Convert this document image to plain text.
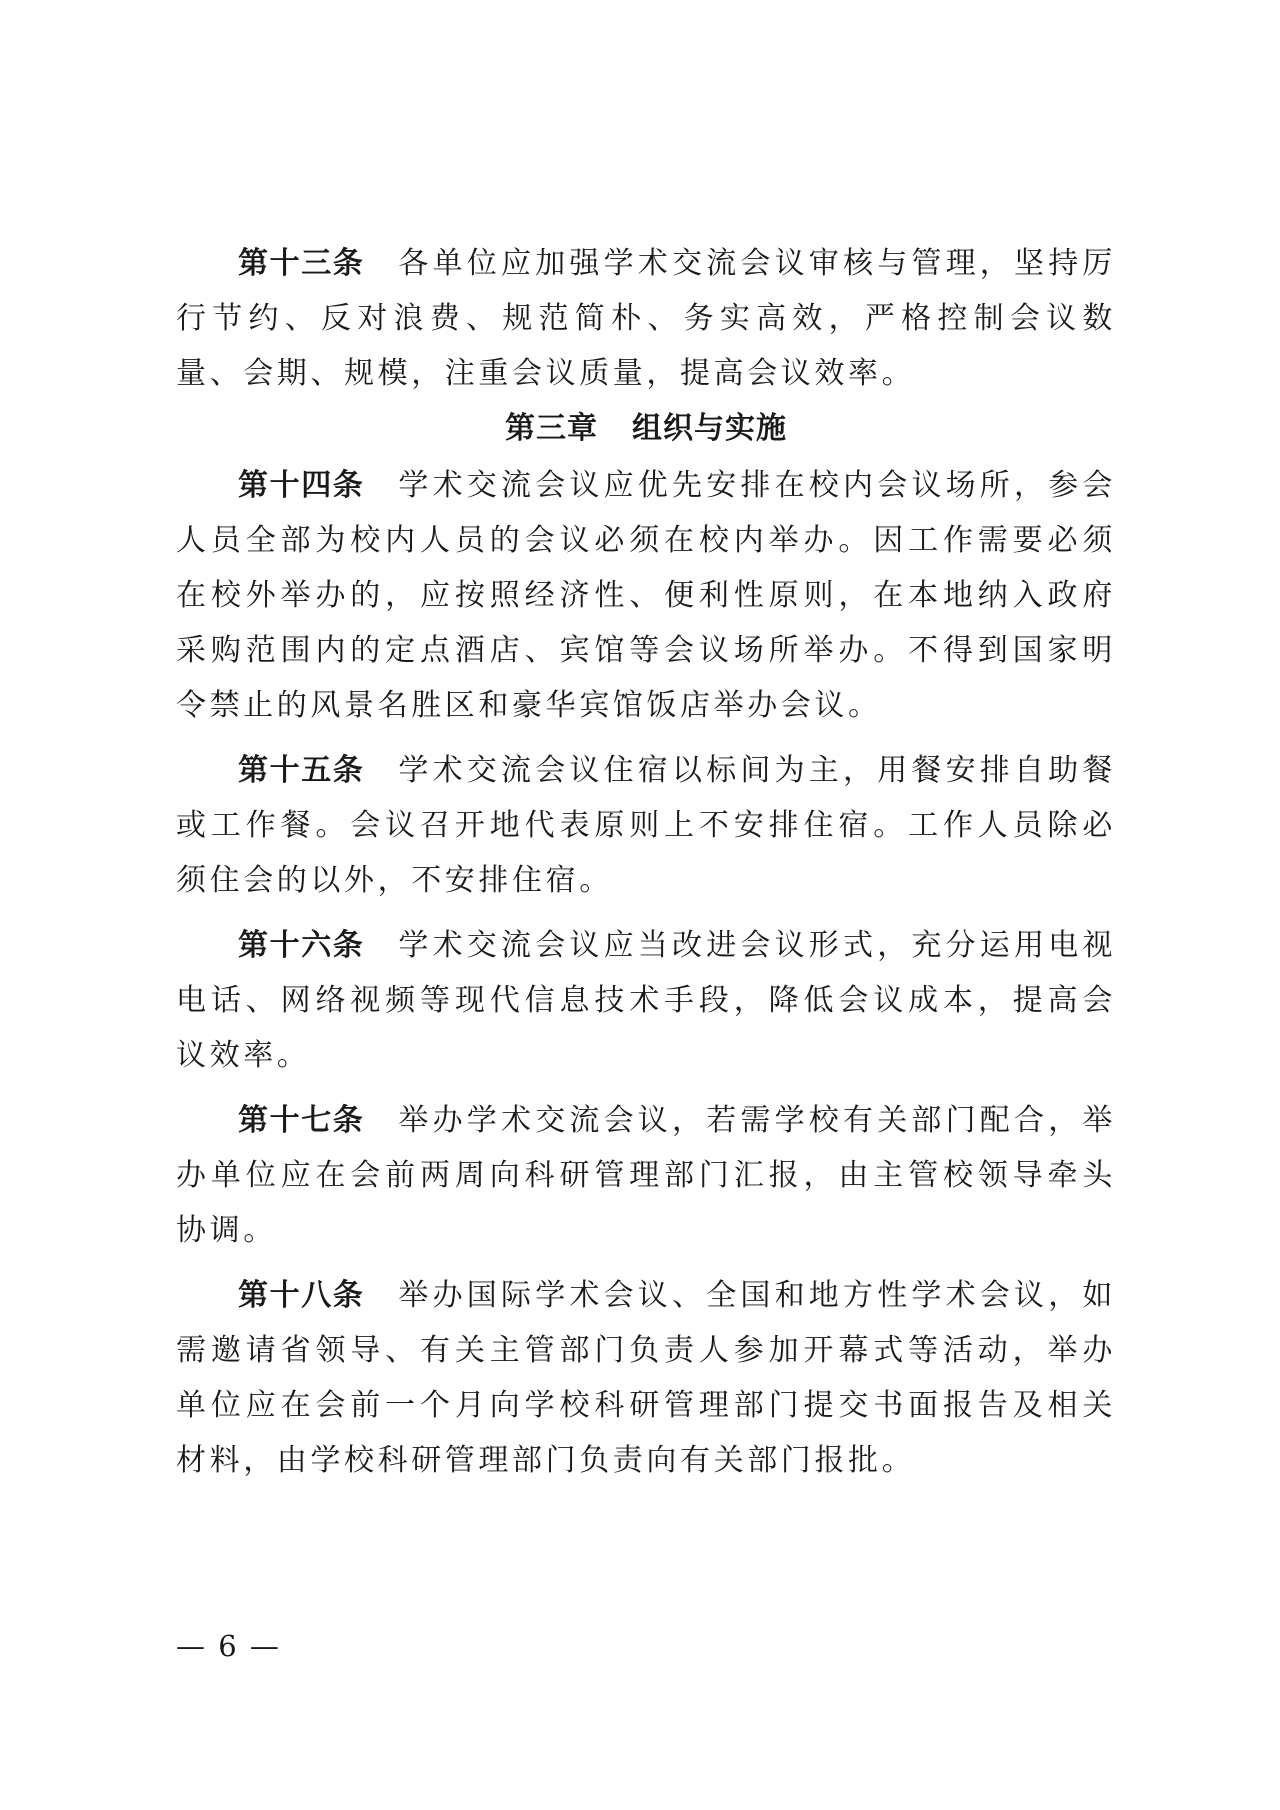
第十三条 各单位应加强学术交流会议审核与管理，坚持厉行节约、反对浪费、规范简朴、务实高效，严格控制会议数量、会期、规模，注重会议质量，提高会议效率。

第三章 组织与实施

第十四条 学术交流会议应优先安排在校内会议场所，参会人员全部为校内人员的会议必须在校内举办。因工作需要必须在校外举办的，应按照经济性、便利性原则，在本地纳入政府采购范围内的定点酒店、宾馆等会议场所举办。不得到国家明令禁止的风景名胜区和豪华宾馆饭店举办会议。

第十五条 学术交流会议住宿以标间为主，用餐安排自助餐或工作餐。会议召开地代表原则上不安排住宿。工作人员除必须住会的以外，不安排住宿。

第十六条 学术交流会议应当改进会议形式，充分运用电视电话、网络视频等现代信息技术手段，降低会议成本，提高会议效率。

第十七条 举办学术交流会议，若需学校有关部门配合，举办单位应在会前两周向科研管理部门汇报，由主管校领导牵头协调。

第十八条 举办国际学术会议、全国和地方性学术会议，如需邀请省领导、有关主管部门负责人参加开幕式等活动，举办单位应在会前一个月向学校科研管理部门提交书面报告及相关材料，由学校科研管理部门负责向有关部门报批。

— 6 —
